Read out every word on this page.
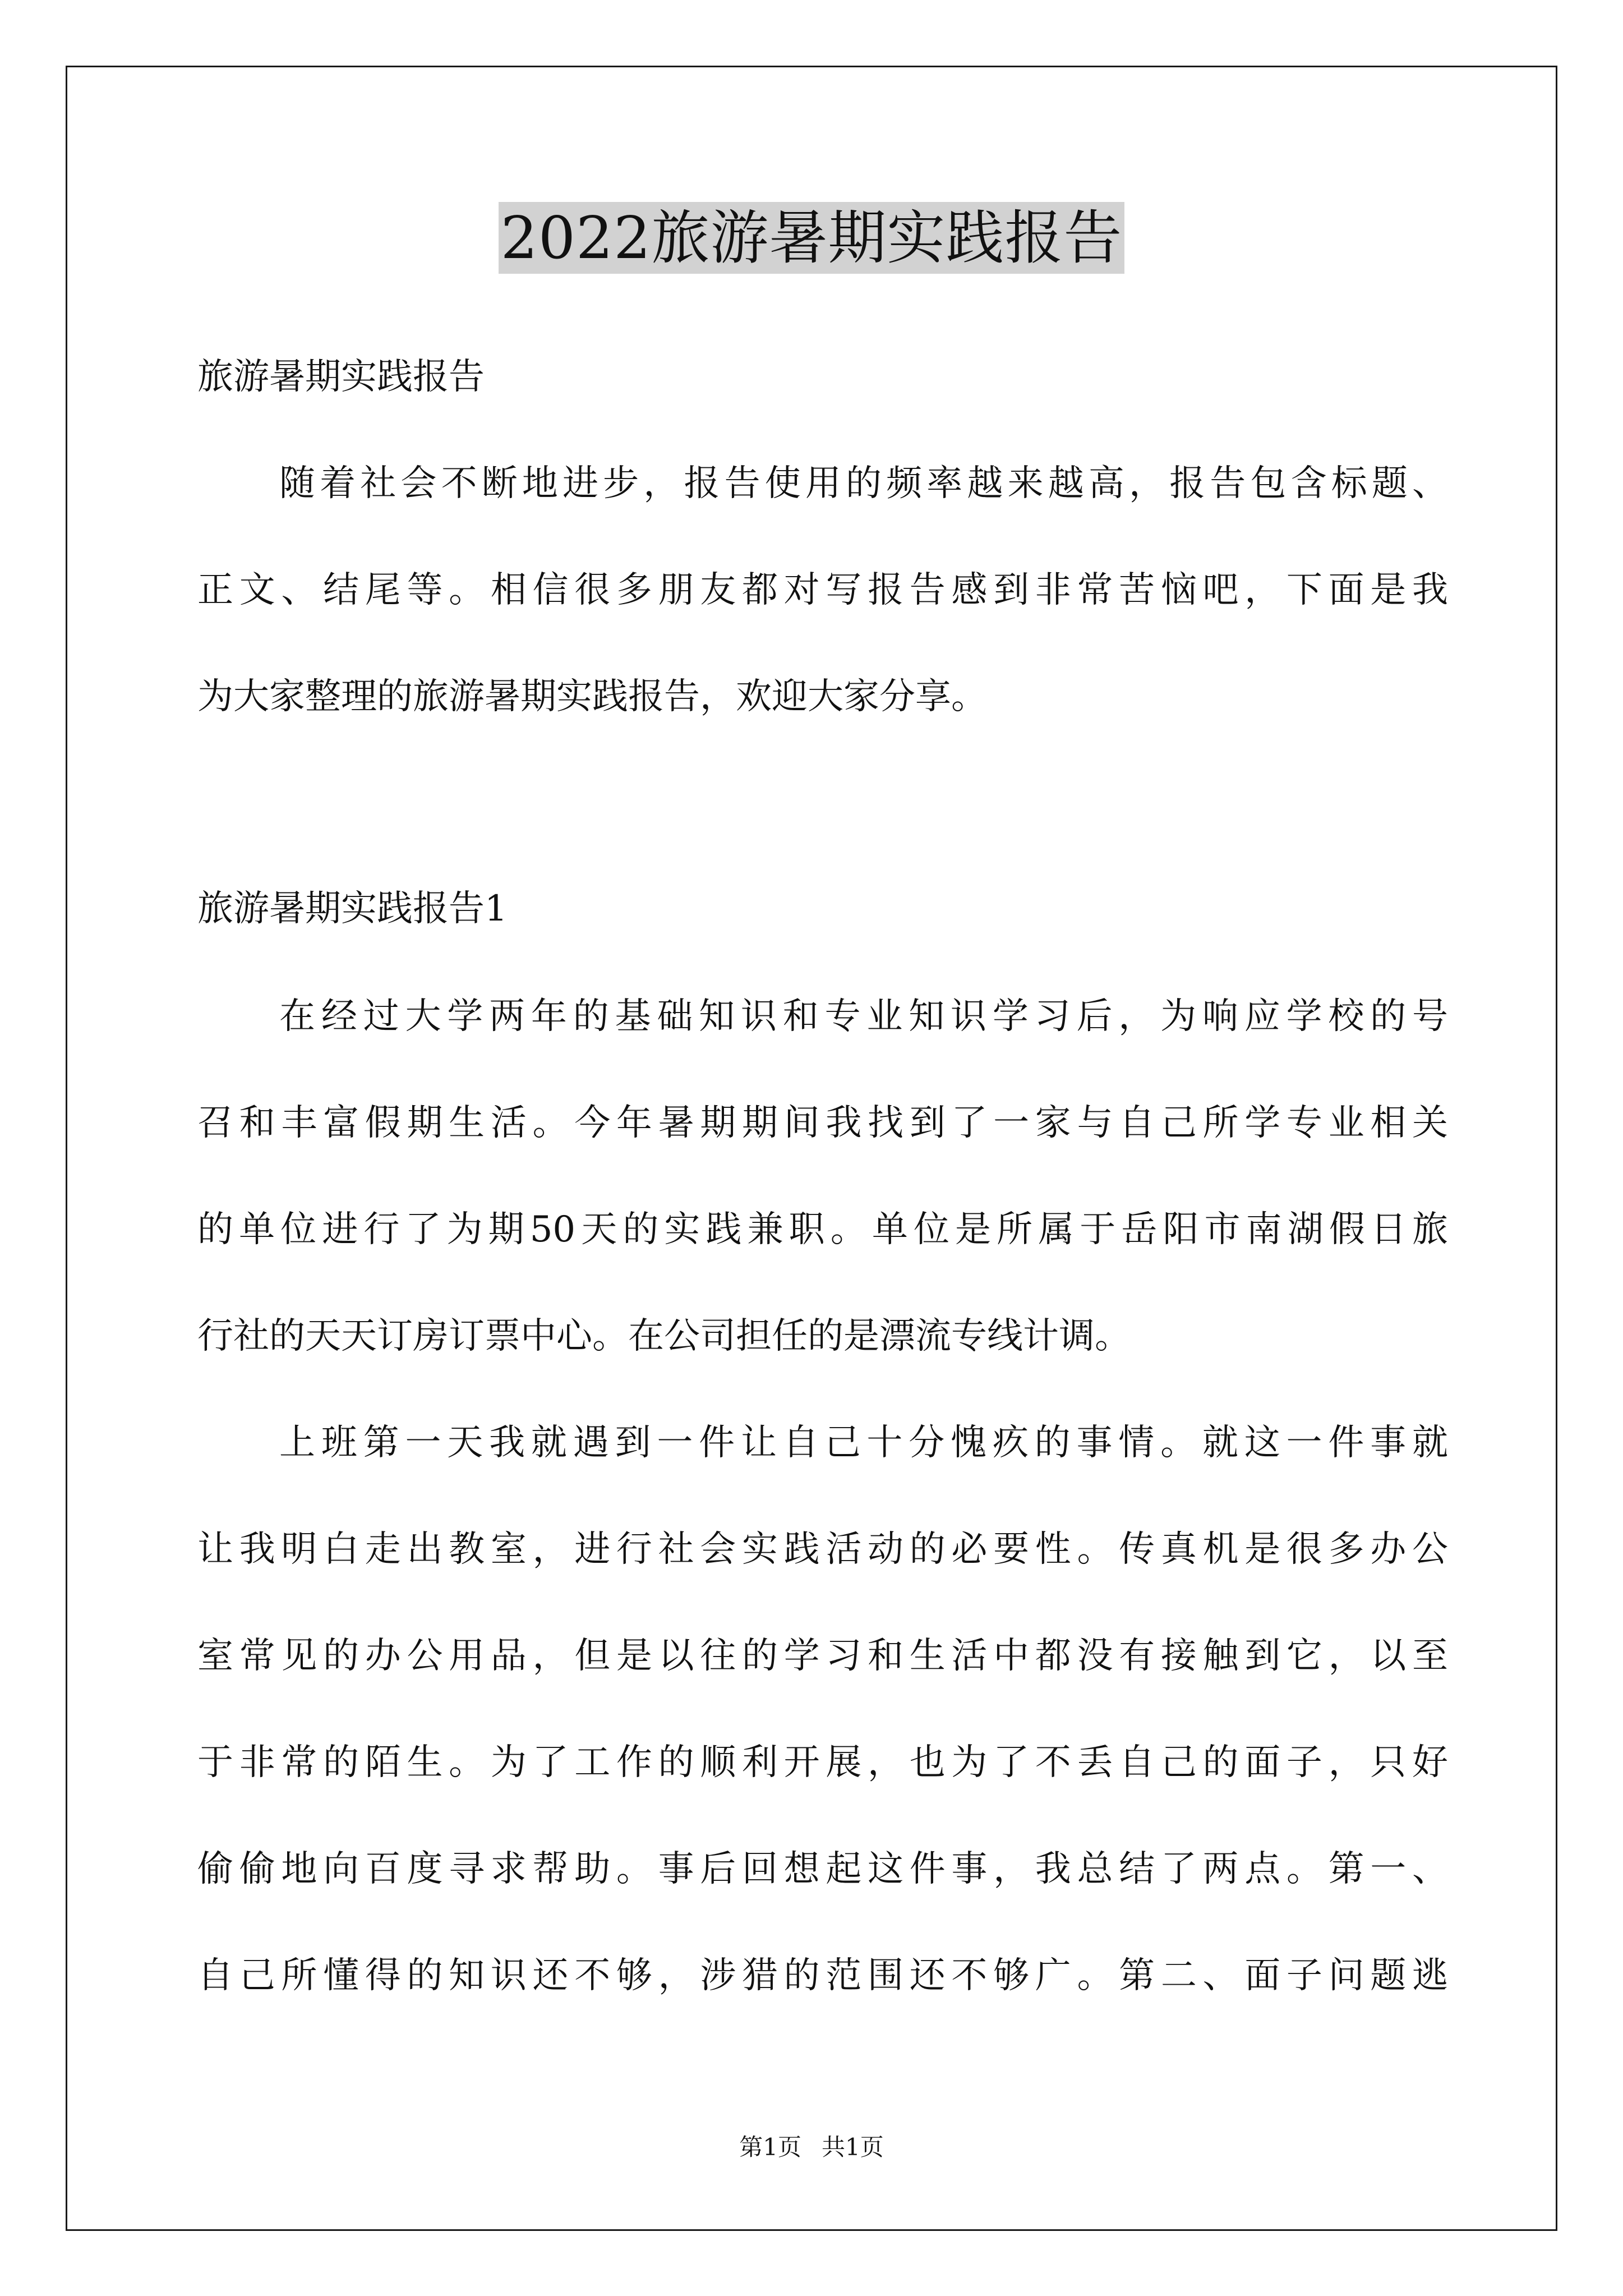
2022旅游暑期实践报告
旅游暑期实践报告
随着社会不断地进步，报告使用的频率越来越高，报告包含标题、
正文、结尾等。相信很多朋友都对写报告感到非常苦恼吧，下面是我
为大家整理的旅游暑期实践报告，欢迎大家分享。
旅游暑期实践报告1
在经过大学两年的基础知识和专业知识学习后，为响应学校的号
召和丰富假期生活。今年暑期期间我找到了一家与自己所学专业相关
的单位进行了为期50天的实践兼职。单位是所属于岳阳市南湖假日旅
行社的天天订房订票中心。在公司担任的是漂流专线计调。
上班第一天我就遇到一件让自己十分愧疚的事情。就这一件事就
让我明白走出教室，进行社会实践活动的必要性。传真机是很多办公
室常见的办公用品，但是以往的学习和生活中都没有接触到它，以至
于非常的陌生。为了工作的顺利开展，也为了不丢自己的面子，只好
偷偷地向百度寻求帮助。事后回想起这件事，我总结了两点。第一、
自己所懂得的知识还不够，涉猎的范围还不够广。第二、面子问题逃
第1页 共1页
